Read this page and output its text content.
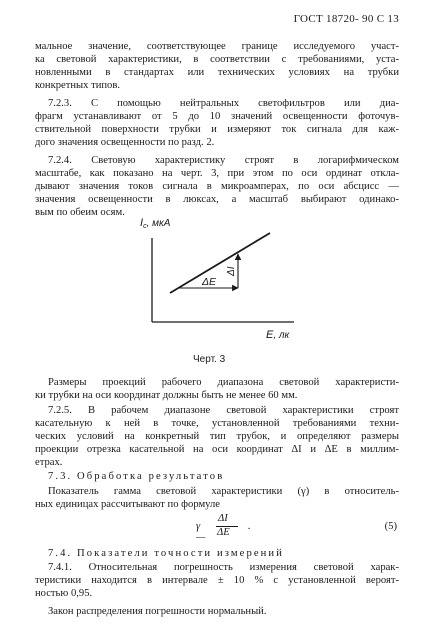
ГОСТ 18720- 90 С 13
мальное значение, соответствующее границе исследуемого участ-
ка световой характеристики, в соответствии с требованиями, уста-
новленными в стандартах или технических условиях на трубки
конкретных типов.
7.2.3. С помощью нейтральных светофильтров или диа-
фрагм устанавливают от 5 до 10 значений освещенности фоточув-
ствительной поверхности трубки и измеряют ток сигнала для каж-
дого значения освещенности по разд. 2.
7.2.4. Световую характеристику строят в логарифмическом
масштабе, как показано на черт. 3, при этом по оси ординат откла-
дывают значения токов сигнала в микроамперах, по оси абсцисс —
значения освещенности в люксах, а масштаб выбирают одинако-
вым по обеим осям.
Iс, мкА
ΔE
ΔI
E, лк
Черт. 3
Размеры проекций рабочего диапазона световой характеристи-
ки трубки на оси координат должны быть не менее 60 мм.
7.2.5. В рабочем диапазоне световой характеристики строят
касательную к ней в точке, установленной требованиями техни-
ческих условий на конкретный тип трубок, и определяют размеры
проекции отрезка касательной на оси координат ΔI и ΔE в миллим-
етрах.
7.3. Обработка результатов
Показатель гамма световой характеристики (γ) в относитель-
ных единицах рассчитывают по формуле
γ —
ΔI
ΔE
.	(5)
7.4. Показатели точности измерений
7.4.1. Относительная погрешность измерения световой харак-
теристики находится в интервале ± 10 % с установленной вероят-
ностью 0,95.
Закон распределения погрешности нормальный.
